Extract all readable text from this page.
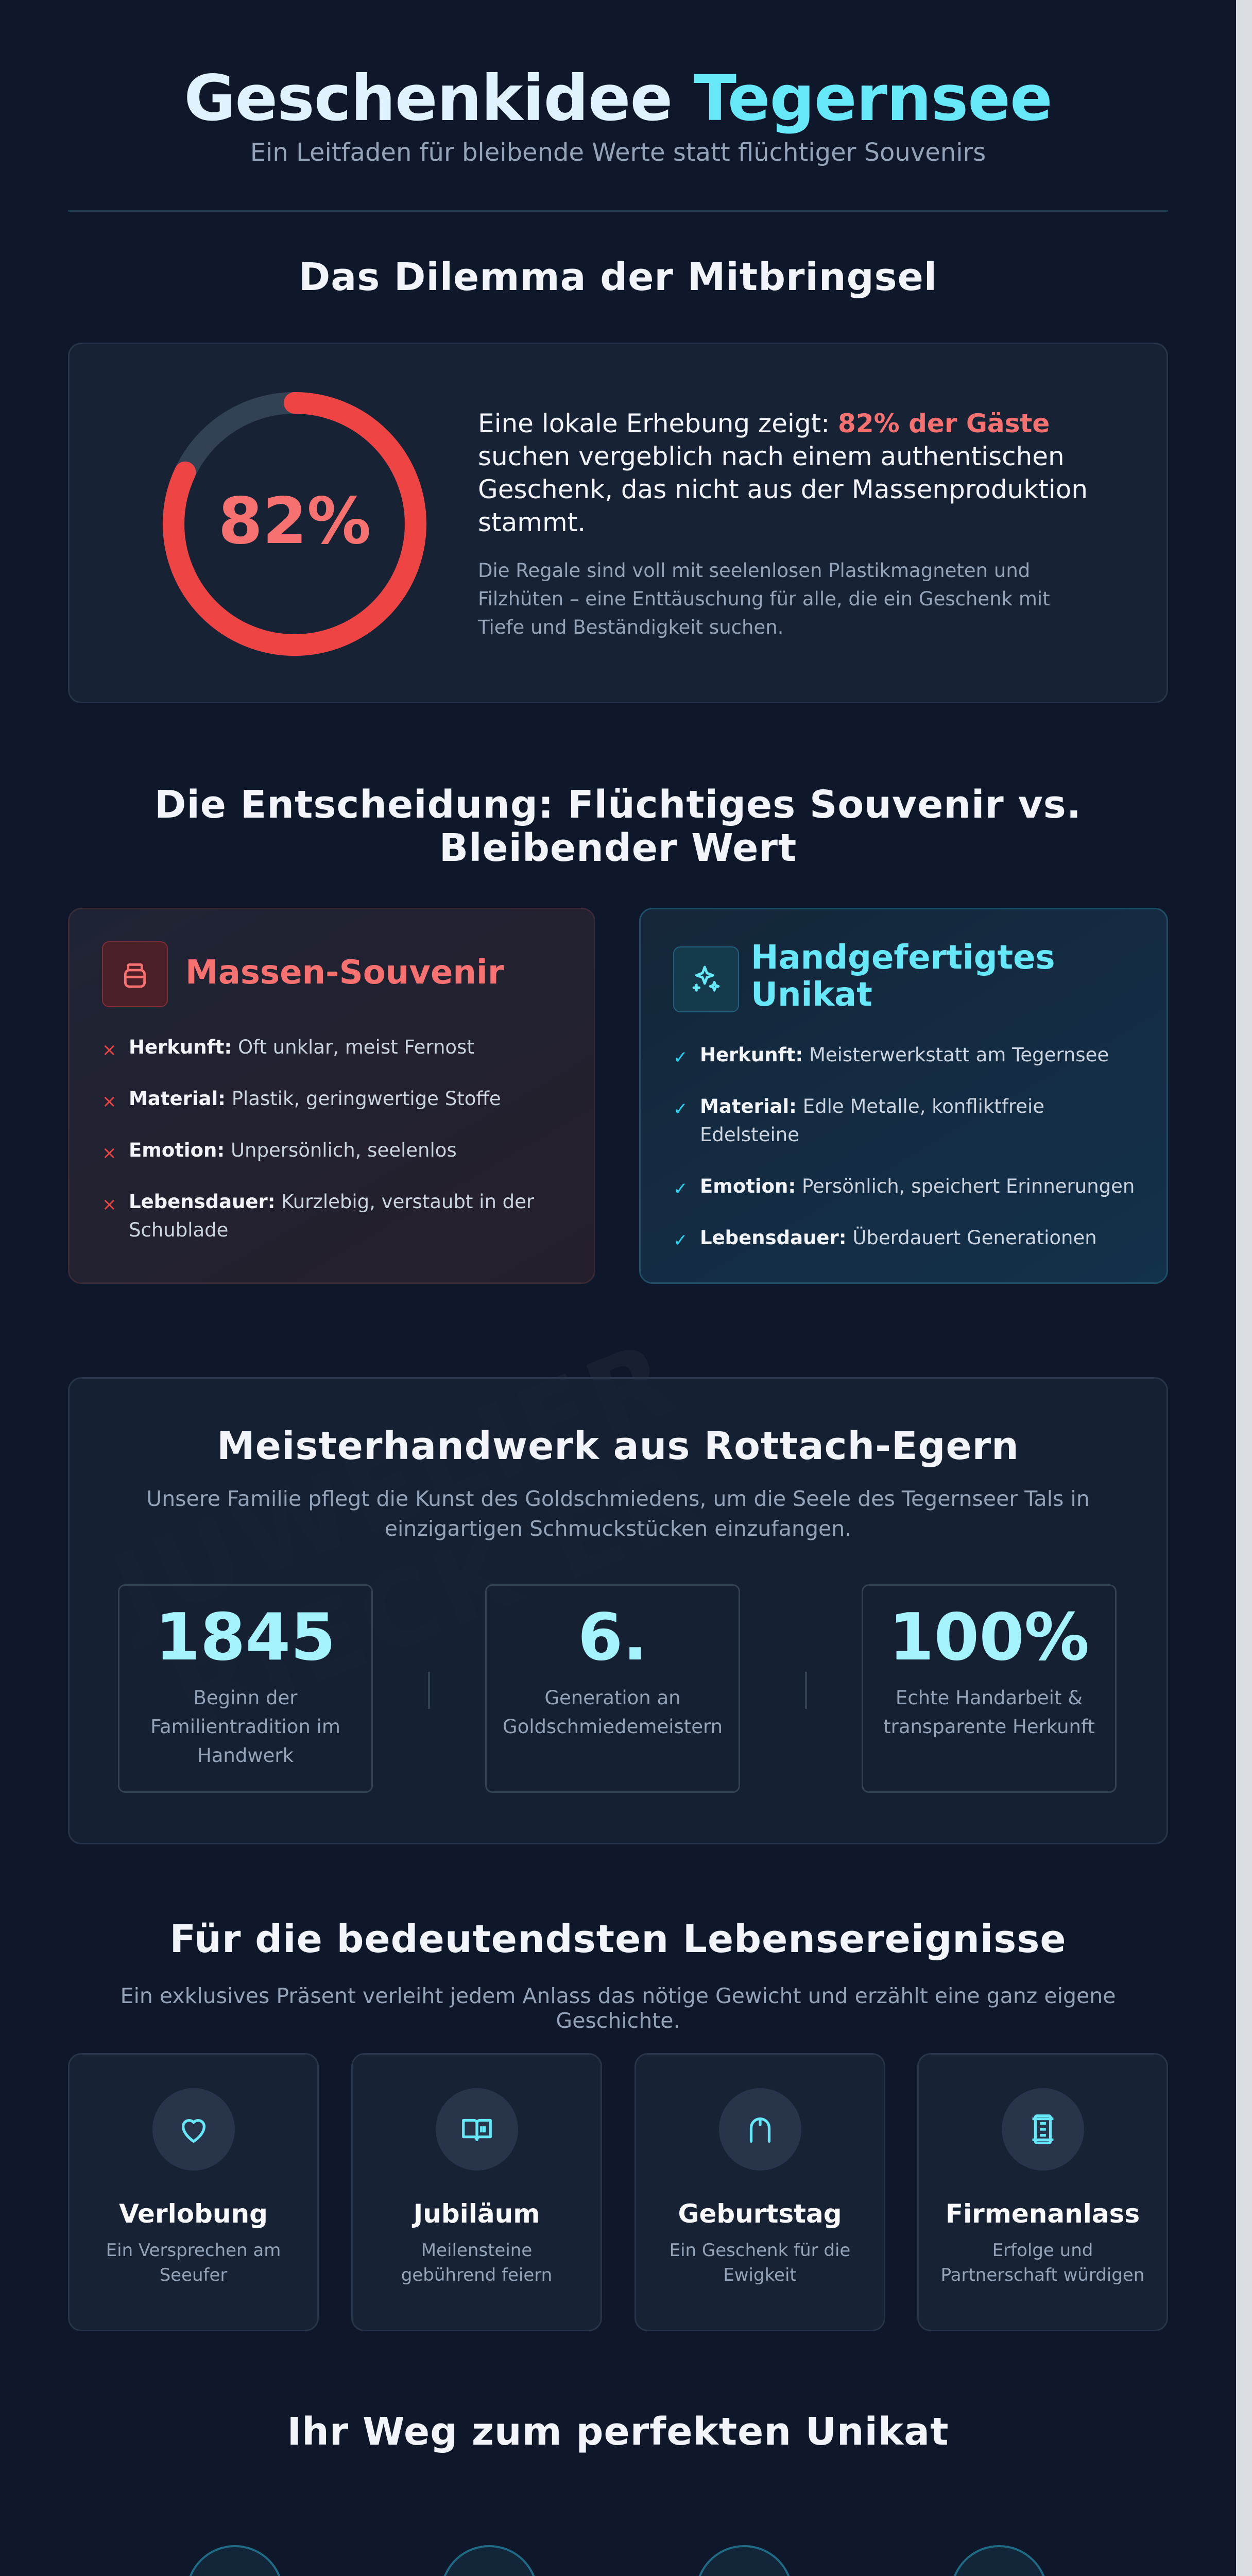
Geschenkidee Tegernsee
Ein Leitfaden für bleibende Werte statt flüchtiger Souvenirs
Das Dilemma der Mitbringsel
82%
Eine lokale Erhebung zeigt: 82% der Gäste suchen vergeblich nach einem authentischen Geschenk, das nicht aus der Massenproduktion stammt.
Die Regale sind voll mit seelenlosen Plastikmagneten und Filzhüten – eine Enttäuschung für alle, die ein Geschenk mit Tiefe und Beständigkeit suchen.
Die Entscheidung: Flüchtiges Souvenir vs. Bleibender Wert
Massen-Souvenir
× Herkunft: Oft unklar, meist Fernost
× Material: Plastik, geringwertige Stoffe
× Emotion: Unpersönlich, seelenlos
× Lebensdauer: Kurzlebig, verstaubt in der Schublade
Handgefertigtes Unikat
✓ Herkunft: Meisterwerkstatt am Tegernsee
✓ Material: Edle Metalle, konfliktfreie Edelsteine
✓ Emotion: Persönlich, speichert Erinnerungen
✓ Lebensdauer: Überdauert Generationen
Meisterhandwerk aus Rottach-Egern
Unsere Familie pflegt die Kunst des Goldschmiedens, um die Seele des Tegernseer Tals in einzigartigen Schmuckstücken einzufangen.
1845
Beginn der Familientradition im Handwerk
6.
Generation an Goldschmiedemeistern
100%
Echte Handarbeit & transparente Herkunft
Für die bedeutendsten Lebensereignisse
Ein exklusives Präsent verleiht jedem Anlass das nötige Gewicht und erzählt eine ganz eigene Geschichte.
Verlobung
Ein Versprechen am Seeufer
Jubiläum
Meilensteine gebührend feiern
Geburtstag
Ein Geschenk für die Ewigkeit
Firmenanlass
Erfolge und Partnerschaft würdigen
Ihr Weg zum perfekten Unikat
